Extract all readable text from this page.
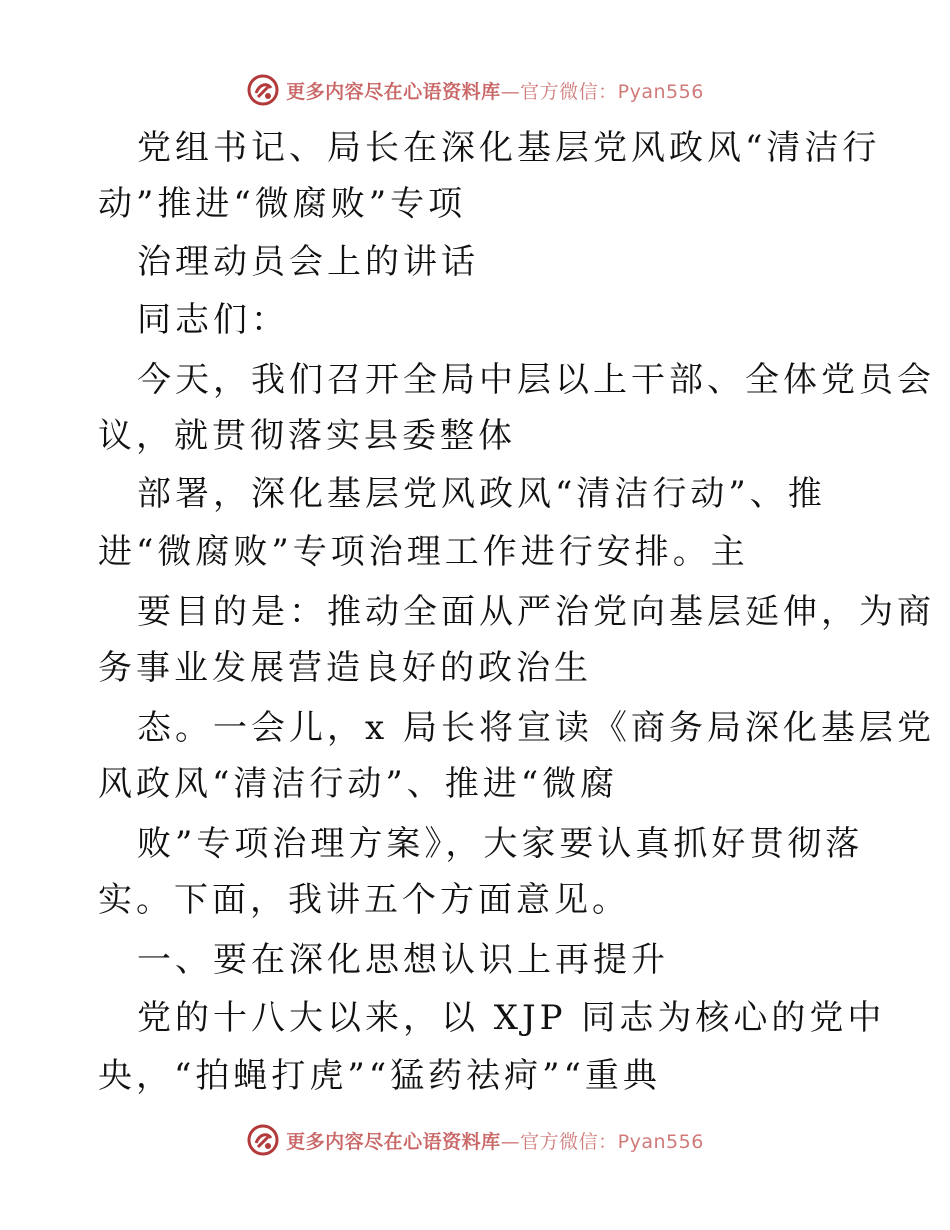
更多内容尽在心语资料库—官方微信：Pyan556
党组书记、局长在深化基层党风政风“清洁行
动”推进“微腐败”专项
治理动员会上的讲话
同志们：
今天，我们召开全局中层以上干部、全体党员会
议，就贯彻落实县委整体
部署，深化基层党风政风“清洁行动”、推
进“微腐败”专项治理工作进行安排。主
要目的是：推动全面从严治党向基层延伸，为商
务事业发展营造良好的政治生
态。一会儿，x 局长将宣读《商务局深化基层党
风政风“清洁行动”、推进“微腐
败”专项治理方案》，大家要认真抓好贯彻落
实。下面，我讲五个方面意见。
一、要在深化思想认识上再提升
党的十八大以来，以 XJP 同志为核心的党中
央，“拍蝇打虎”“猛药祛疴”“重典
更多内容尽在心语资料库—官方微信：Pyan556
